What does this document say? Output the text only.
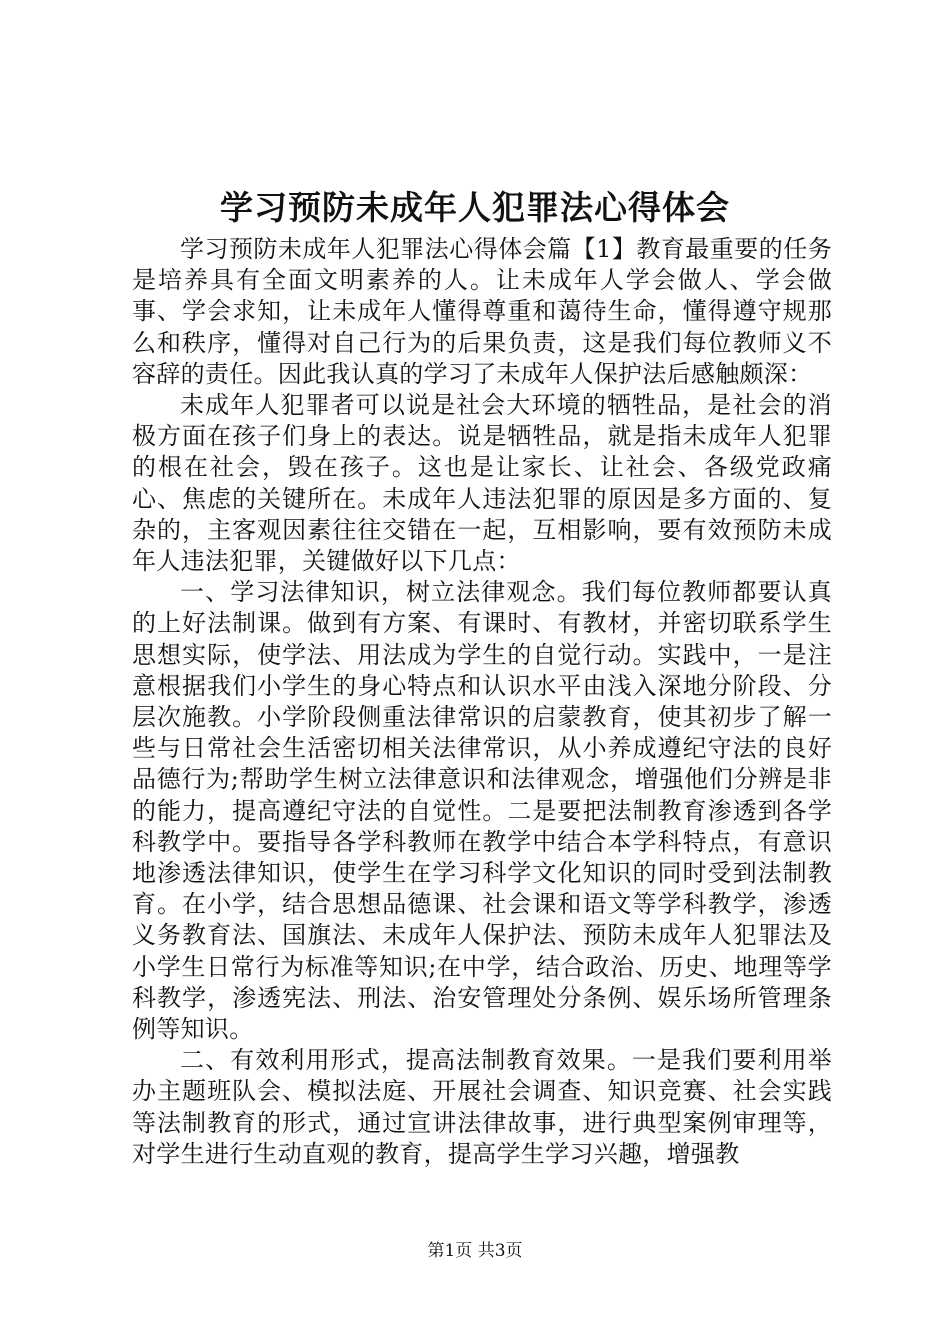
学习预防未成年人犯罪法心得体会

学习预防未成年人犯罪法心得体会篇【1】教育最重要的任务是培养具有全面文明素养的人。让未成年人学会做人、学会做事、学会求知，让未成年人懂得尊重和蔼待生命，懂得遵守规那么和秩序，懂得对自己行为的后果负责，这是我们每位教师义不容辞的责任。因此我认真的学习了未成年人保护法后感触颇深：

未成年人犯罪者可以说是社会大环境的牺牲品，是社会的消极方面在孩子们身上的表达。说是牺牲品，就是指未成年人犯罪的根在社会，毁在孩子。这也是让家长、让社会、各级党政痛心、焦虑的关键所在。未成年人违法犯罪的原因是多方面的、复杂的，主客观因素往往交错在一起，互相影响，要有效预防未成年人违法犯罪，关键做好以下几点：

一、学习法律知识，树立法律观念。我们每位教师都要认真的上好法制课。做到有方案、有课时、有教材，并密切联系学生思想实际，使学法、用法成为学生的自觉行动。实践中，一是注意根据我们小学生的身心特点和认识水平由浅入深地分阶段、分层次施教。小学阶段侧重法律常识的启蒙教育，使其初步了解一些与日常社会生活密切相关法律常识，从小养成遵纪守法的良好品德行为;帮助学生树立法律意识和法律观念，增强他们分辨是非的能力，提高遵纪守法的自觉性。二是要把法制教育渗透到各学科教学中。要指导各学科教师在教学中结合本学科特点，有意识地渗透法律知识，使学生在学习科学文化知识的同时受到法制教育。在小学，结合思想品德课、社会课和语文等学科教学，渗透义务教育法、国旗法、未成年人保护法、预防未成年人犯罪法及小学生日常行为标准等知识;在中学，结合政治、历史、地理等学科教学，渗透宪法、刑法、治安管理处分条例、娱乐场所管理条例等知识。

二、有效利用形式，提高法制教育效果。一是我们要利用举办主题班队会、模拟法庭、开展社会调查、知识竞赛、社会实践等法制教育的形式，通过宣讲法律故事，进行典型案例审理等，对学生进行生动直观的教育，提高学生学习兴趣，增强教

第1页 共3页
